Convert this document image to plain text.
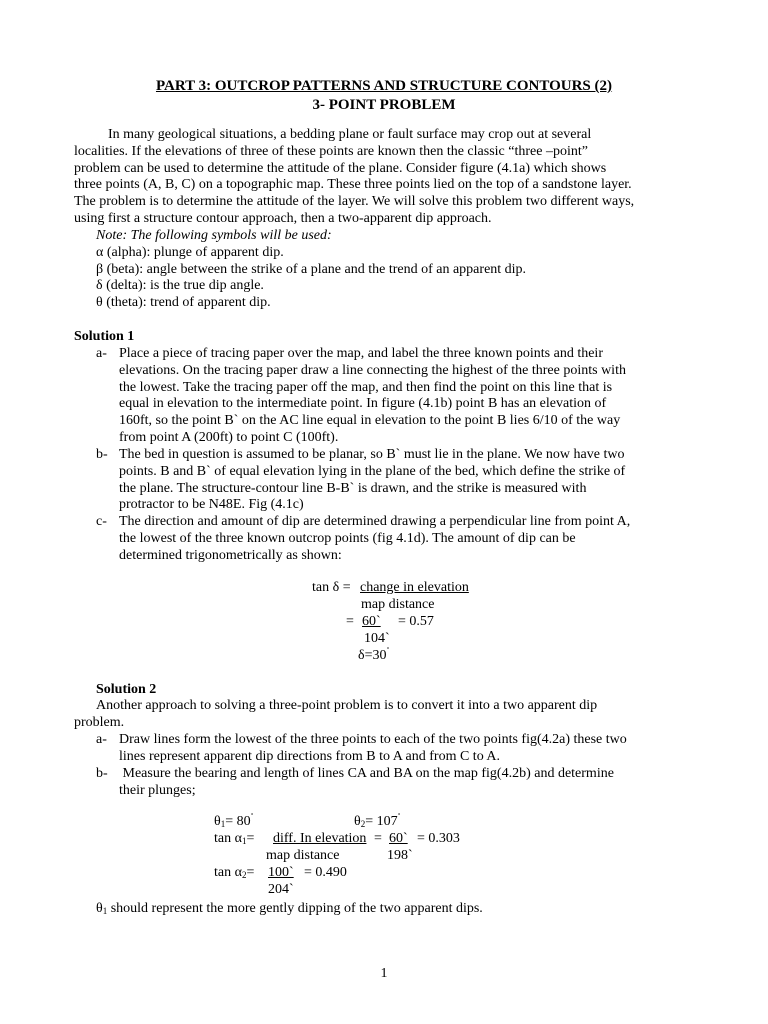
PART 3: OUTCROP PATTERNS AND STRUCTURE CONTOURS (2)
3- POINT PROBLEM
In many geological situations, a bedding plane or fault surface may crop out at several
localities. If the elevations of three of these points are known then the classic “three –point”
problem can be used to determine the attitude of the plane. Consider figure (4.1a) which shows
three points (A, B, C) on a topographic map. These three points lied on the top of a sandstone layer.
The problem is to determine the attitude of the layer. We will solve this problem two different ways,
using first a structure contour approach, then a two-apparent dip approach.
Note: The following symbols will be used:
α (alpha): plunge of apparent dip.
β (beta): angle between the strike of a plane and the trend of an apparent dip.
δ (delta): is the true dip angle.
θ (theta): trend of apparent dip.
Solution 1
a- Place a piece of tracing paper over the map, and label the three known points and their
elevations. On the tracing paper draw a line connecting the highest of the three points with
the lowest. Take the tracing paper off the map, and then find the point on this line that is
equal in elevation to the intermediate point. In figure (4.1b) point B has an elevation of
160ft, so the point B` on the AC line equal in elevation to the point B lies 6/10 of the way
from point A (200ft) to point C (100ft).
b- The bed in question is assumed to be planar, so B` must lie in the plane. We now have two
points. B and B` of equal elevation lying in the plane of the bed, which define the strike of
the plane. The structure-contour line B-B` is drawn, and the strike is measured with
protractor to be N48E. Fig (4.1c)
c- The direction and amount of dip are determined drawing a perpendicular line from point A,
the lowest of the three known outcrop points (fig 4.1d). The amount of dip can be
determined trigonometrically as shown:
tan δ = change in elevation
map distance
= 60` = 0.57
104`
δ=30˚
Solution 2
Another approach to solving a three-point problem is to convert it into a two apparent dip
problem.
a- Draw lines form the lowest of the three points to each of the two points fig(4.2a) these two
lines represent apparent dip directions from B to A and from C to A.
b- Measure the bearing and length of lines CA and BA on the map fig(4.2b) and determine
their plunges;
$\theta_1= 80^˚$	$\theta_2= 107^˚$
$\tan \alpha_1=$ diff. In elevation = 60` = 0.303
map distance	198`
$\tan \alpha_2=$ 100` = 0.490
204`
$\theta_1$ should represent the more gently dipping of the two apparent dips.
1
